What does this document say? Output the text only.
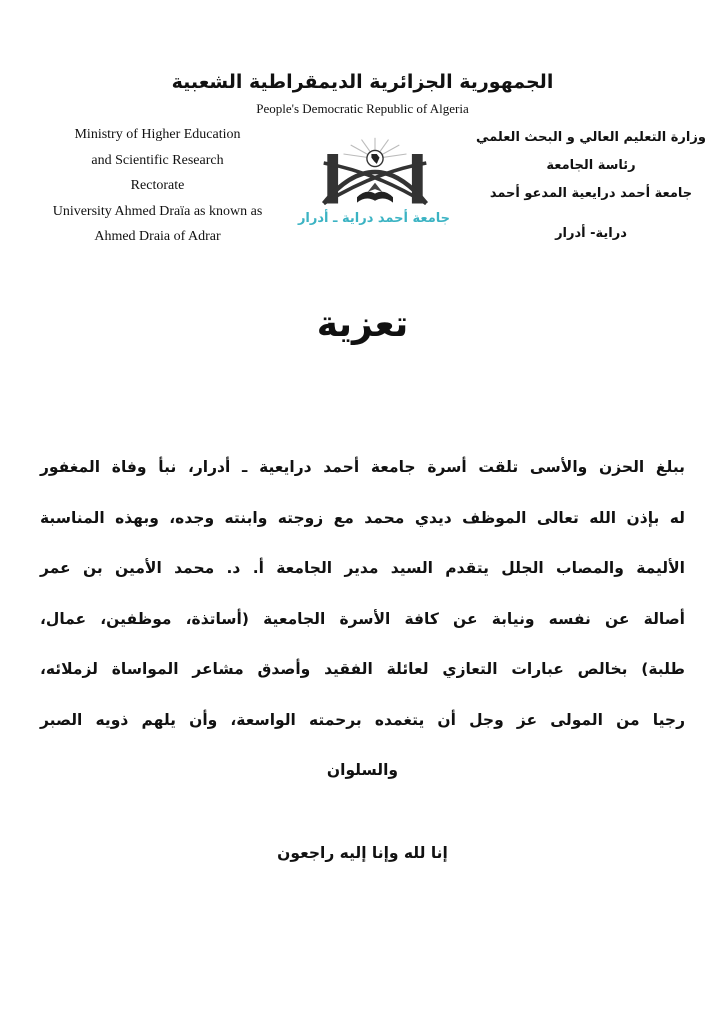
الجمهورية الجزائرية الديمقراطية الشعبية
People's Democratic Republic of Algeria
Ministry of Higher Education
and Scientific Research
Rectorate
University Ahmed Draïa as known as
Ahmed Draia of Adrar
جامعة أحمد دراية ـ أدرار
وزارة التعليم العالي و البحث العلمي
رئاسة الجامعة
جامعة أحمد درايعية المدعو أحمد
دراية- أدرار
تعزية
ببلغ الحزن والأسى تلقت أسرة جامعة أحمد درايعية ـ أدرار، نبأ وفاة المغفور
له بإذن الله تعالى الموظف ديدي محمد مع زوجته وابنته وجده، وبهذه المناسبة
الأليمة والمصاب الجلل يتقدم السيد مدير الجامعة أ. د. محمد الأمين بن عمر
أصالة عن نفسه ونيابة عن كافة الأسرة الجامعية (أساتذة، موظفين، عمال،
طلبة) بخالص عبارات التعازي لعائلة الفقيد وأصدق مشاعر المواساة لزملائه،
رجيا من المولى عز وجل أن يتغمده برحمته الواسعة، وأن يلهم ذويه الصبر
والسلوان
إنا لله وإنا إليه راجعون
